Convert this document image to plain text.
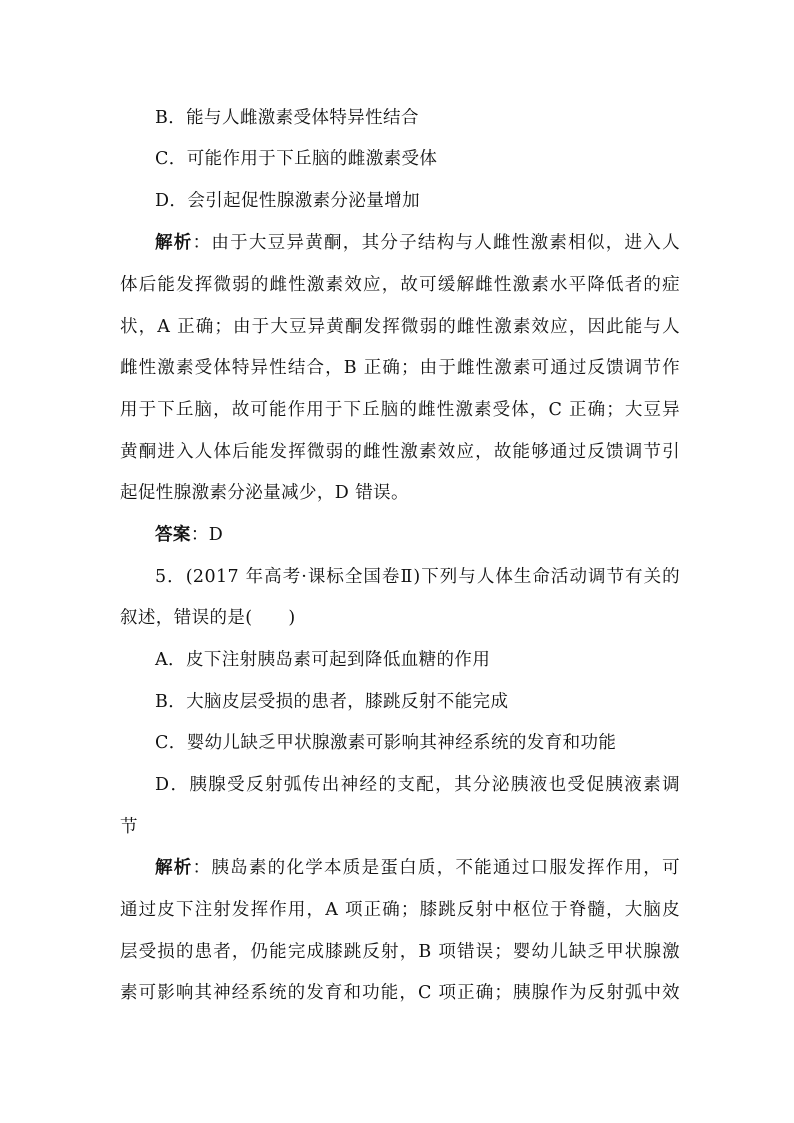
B．能与人雌激素受体特异性结合
C．可能作用于下丘脑的雌激素受体
D．会引起促性腺激素分泌量增加
解析：由于大豆异黄酮，其分子结构与人雌性激素相似，进入人
体后能发挥微弱的雌性激素效应，故可缓解雌性激素水平降低者的症
状，A 正确；由于大豆异黄酮发挥微弱的雌性激素效应，因此能与人
雌性激素受体特异性结合，B 正确；由于雌性激素可通过反馈调节作
用于下丘脑，故可能作用于下丘脑的雌性激素受体，C 正确；大豆异
黄酮进入人体后能发挥微弱的雌性激素效应，故能够通过反馈调节引
起促性腺激素分泌量减少，D 错误。
答案：D
5．(2017 年高考·课标全国卷Ⅱ)下列与人体生命活动调节有关的
叙述，错误的是(　　)
A．皮下注射胰岛素可起到降低血糖的作用
B．大脑皮层受损的患者，膝跳反射不能完成
C．婴幼儿缺乏甲状腺激素可影响其神经系统的发育和功能
D．胰腺受反射弧传出神经的支配，其分泌胰液也受促胰液素调
节
解析：胰岛素的化学本质是蛋白质，不能通过口服发挥作用，可
通过皮下注射发挥作用，A 项正确；膝跳反射中枢位于脊髓，大脑皮
层受损的患者，仍能完成膝跳反射，B 项错误；婴幼儿缺乏甲状腺激
素可影响其神经系统的发育和功能，C 项正确；胰腺作为反射弧中效
